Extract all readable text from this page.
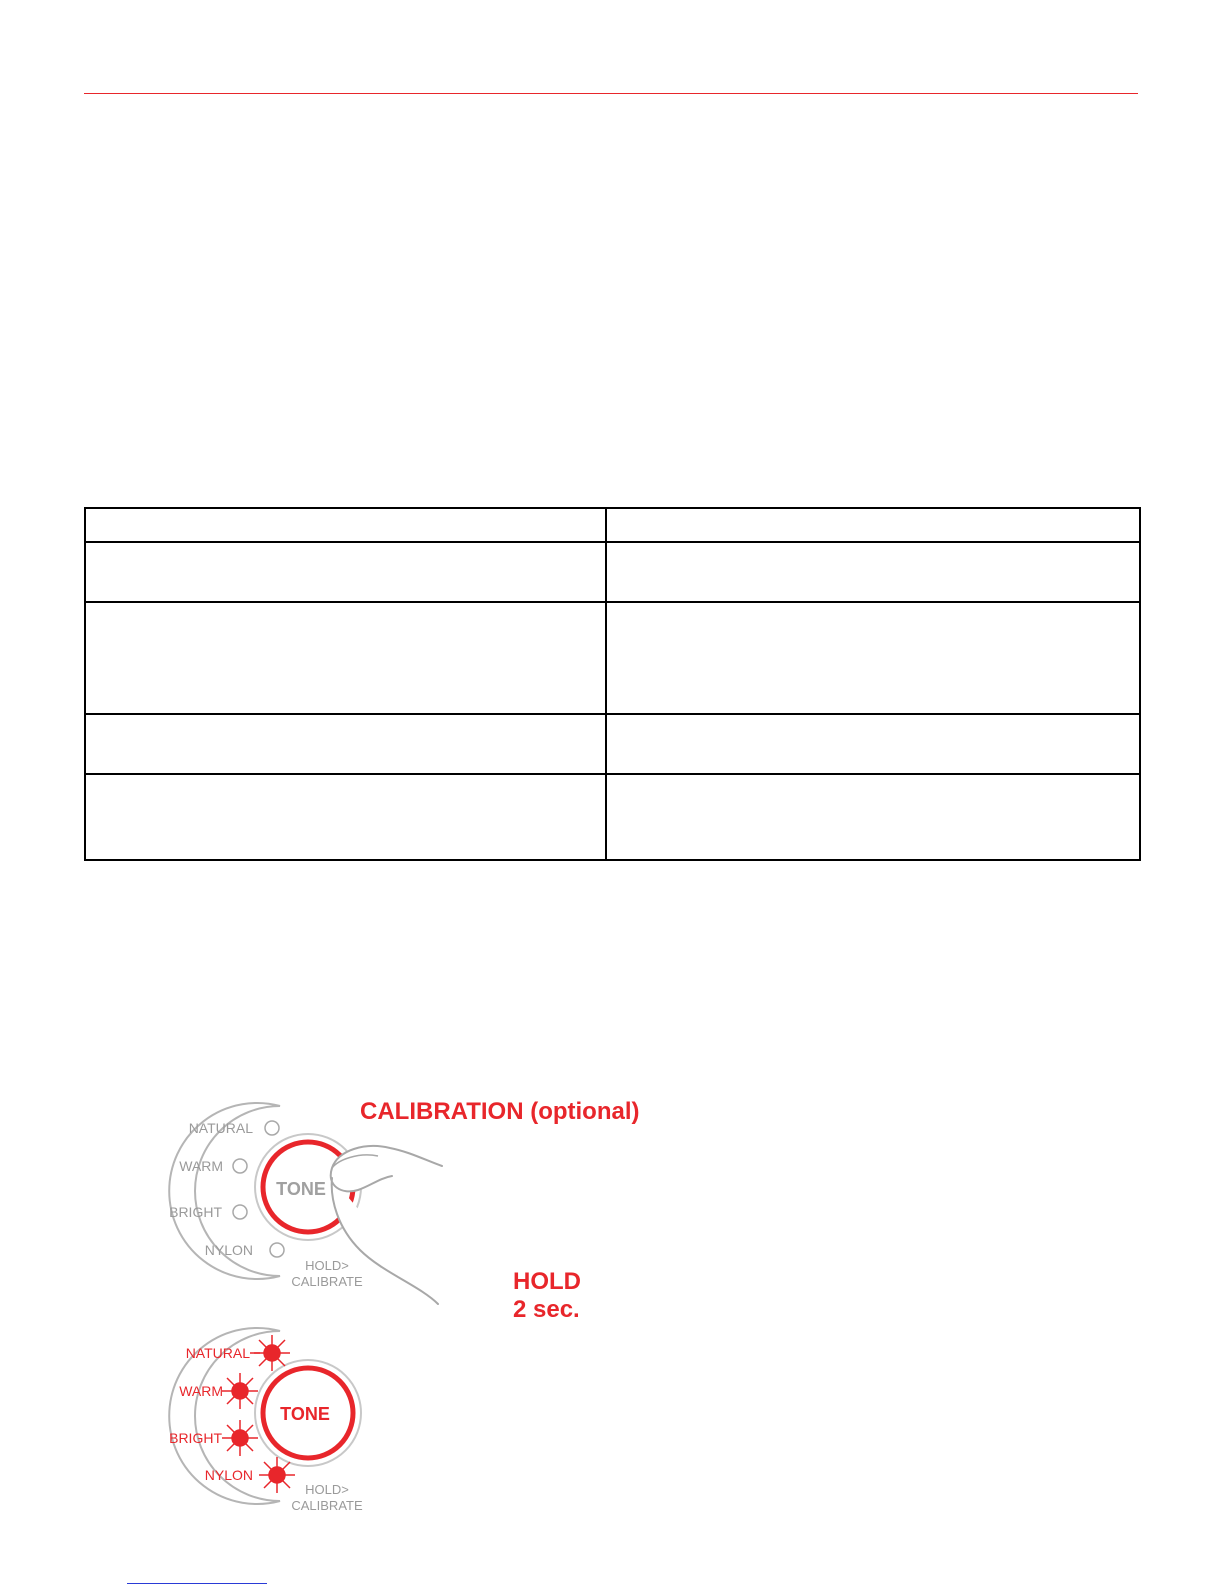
CALIBRATION (optional)
HOLD
2 sec.
TONE
NATURAL
WARM
BRIGHT
NYLON
HOLD>
CALIBRATE
TONE
NATURAL
WARM
BRIGHT
NYLON
HOLD>
CALIBRATE
